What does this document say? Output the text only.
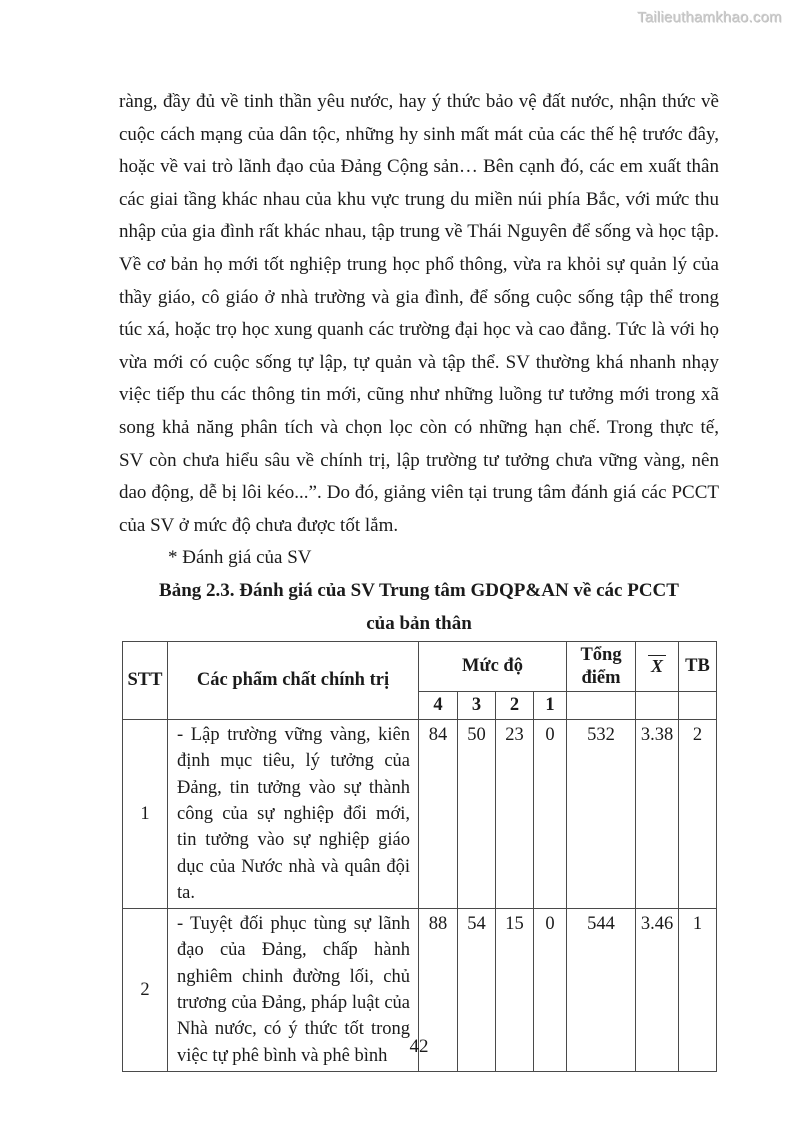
Tailieuthamkhao.com
ràng, đầy đủ về tinh thần yêu nước, hay ý thức bảo vệ đất nước, nhận thức về
cuộc cách mạng của dân tộc, những hy sinh mất mát của các thế hệ trước đây,
hoặc về vai trò lãnh đạo của Đảng Cộng sản… Bên cạnh đó, các em xuất thân
các giai tầng khác nhau của khu vực trung du miền núi phía Bắc, với mức thu
nhập của gia đình rất khác nhau, tập trung về Thái Nguyên để sống và học tập.
Về cơ bản họ mới tốt nghiệp trung học phổ thông, vừa ra khỏi sự quản lý của
thầy giáo, cô giáo ở nhà trường và gia đình, để sống cuộc sống tập thể trong
túc xá, hoặc trọ học xung quanh các trường đại học và cao đẳng. Tức là với họ
vừa mới có cuộc sống tự lập, tự quản và tập thể. SV thường khá nhanh nhạy
việc tiếp thu các thông tin mới, cũng như những luồng tư tưởng mới trong xã
song khả năng phân tích và chọn lọc còn có những hạn chế. Trong thực tế,
SV còn chưa hiểu sâu về chính trị, lập trường tư tưởng chưa vững vàng, nên
dao động, dễ bị lôi kéo...”. Do đó, giảng viên tại trung tâm đánh giá các PCCT
của SV ở mức độ chưa được tốt lắm.
* Đánh giá của SV
Bảng 2.3. Đánh giá của SV Trung tâm GDQP&AN về các PCCT
của bản thân
STT	Các phẩm chất chính trị	Mức độ				Tổng điểm	X	TB
		4	3	2	1			
1	- Lập trường vững vàng, kiên định mục tiêu, lý tưởng của Đảng, tin tưởng vào sự thành công của sự nghiệp đổi mới, tin tưởng vào sự nghiệp giáo dục của Nước nhà và quân đội ta.	84	50	23	0	532	3.38	2
2	- Tuyệt đối phục tùng sự lãnh đạo của Đảng, chấp hành nghiêm chinh đường lối, chủ trương của Đảng, pháp luật của Nhà nước, có ý thức tốt trong việc tự phê bình và phê bình	88	54	15	0	544	3.46	1
42
